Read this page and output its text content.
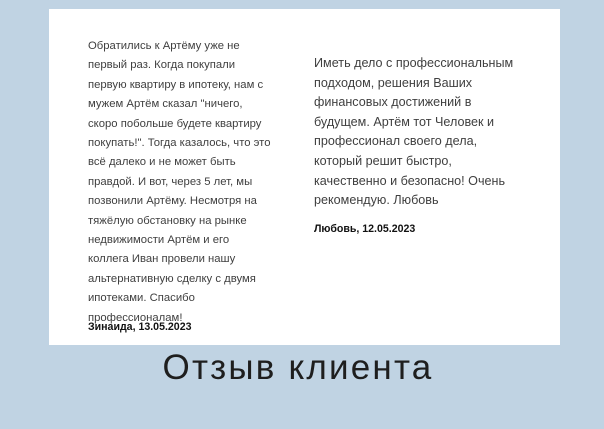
Обратились к Артёму уже не
первый раз. Когда покупали
первую квартиру в ипотеку, нам с
мужем Артём сказал "ничего,
скоро побольше будете квартиру
покупать!". Тогда казалось, что это
всё далеко и не может быть
правдой. И вот, через 5 лет, мы
позвонили Артёму. Несмотря на
тяжёлую обстановку на рынке
недвижимости Артём и его
коллега Иван провели нашу
альтернативную сделку с двумя
ипотеками. Спасибо
профессионалам!
Зинаида, 13.05.2023
Иметь дело с профессиональным
подходом, решения Ваших
финансовых достижений в
будущем. Артём тот Человек и
профессионал своего дела,
который решит быстро,
качественно и безопасно! Очень
рекомендую. Любовь
Любовь, 12.05.2023
Отзыв клиента
